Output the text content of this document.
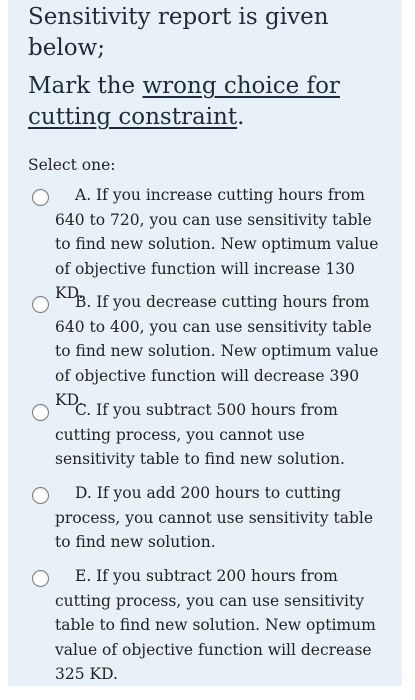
Sensitivity report is given below;
Mark the wrong choice for cutting constraint.
Select one:
A. If you increase cutting hours from 640 to 720, you can use sensitivity table to find new solution. New optimum value of objective function will increase 130 KD.
B. If you decrease cutting hours from 640 to 400, you can use sensitivity table to find new solution. New optimum value of objective function will decrease 390 KD.
C. If you subtract 500 hours from cutting process, you cannot use sensitivity table to find new solution.
D. If you add 200 hours to cutting process, you cannot use sensitivity table to find new solution.
E. If you subtract 200 hours from cutting process, you can use sensitivity table to find new solution. New optimum value of objective function will decrease 325 KD.
